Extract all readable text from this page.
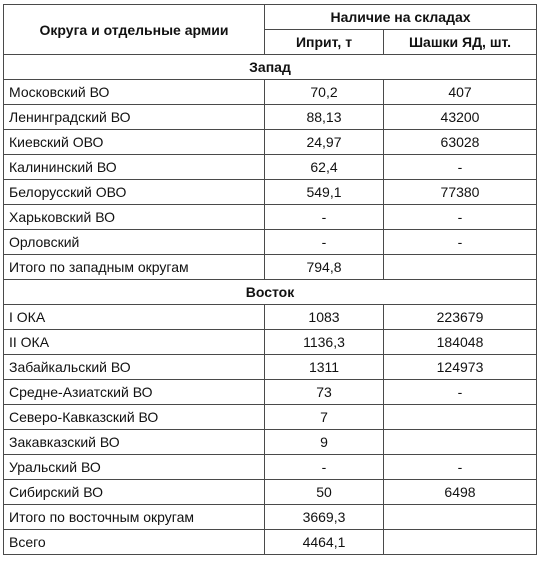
Округа и отдельные армии	Наличие на складах	
	Иприт, т	Шашки ЯД, шт.
Запад		
Московский ВО	70,2	407
Ленинградский ВО	88,13	43200
Киевский ОВО	24,97	63028
Калининский ВО	62,4	-
Белорусский ОВО	549,1	77380
Харьковский ВО	-	-
Орловский	-	-
Итого по западным округам	794,8	
Восток		
I ОКА	1083	223679
II ОКА	1136,3	184048
Забайкальский ВО	1311	124973
Средне-Азиатский ВО	73	-
Северо-Кавказский ВО	7	
Закавказский ВО	9	
Уральский ВО	-	-
Сибирский ВО	50	6498
Итого по восточным округам	3669,3	
Всего	4464,1	
